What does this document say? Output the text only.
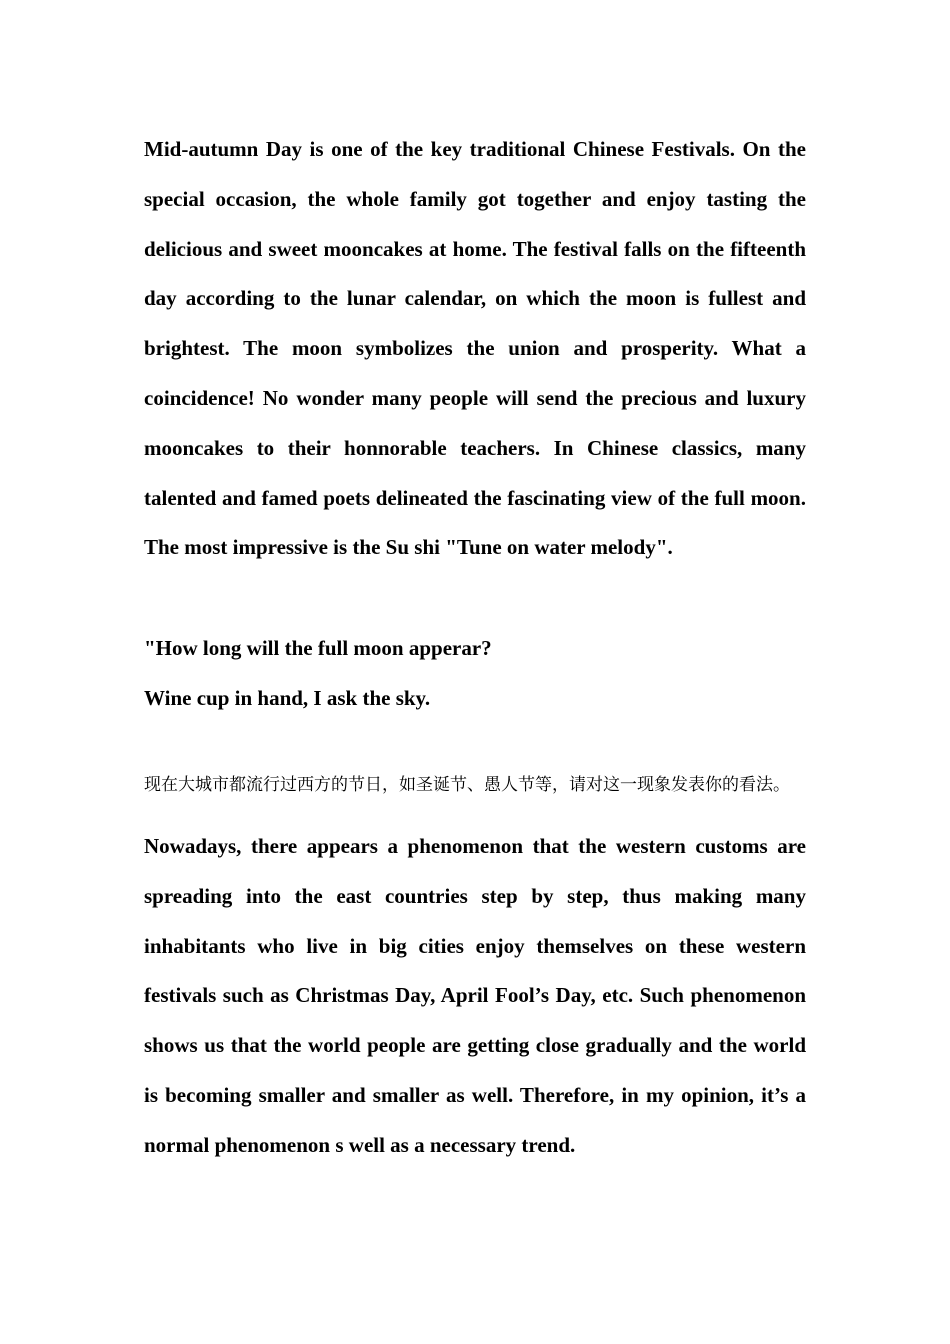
Mid-autumn Day is one of the key traditional Chinese Festivals. On the special occasion, the whole family got together and enjoy tasting the delicious and sweet mooncakes at home. The festival falls on the fifteenth day according to the lunar calendar, on which the moon is fullest and brightest. The moon symbolizes the union and prosperity. What a coincidence! No wonder many people will send the precious and luxury mooncakes to their honnorable teachers. In Chinese classics, many talented and famed poets delineated the fascinating view of the full moon. The most impressive is the Su shi "Tune on water melody".

"How long will the full moon apperar?

Wine cup in hand, I ask the sky.

现在大城市都流行过西方的节日，如圣诞节、愚人节等，请对这一现象发表你的看法。

Nowadays, there appears a phenomenon that the western customs are spreading into the east countries step by step, thus making many inhabitants who live in big cities enjoy themselves on these western festivals such as Christmas Day, April Fool’s Day, etc. Such phenomenon shows us that the world people are getting close gradually and the world is becoming smaller and smaller as well. Therefore, in my opinion, it’s a normal phenomenon s well as a necessary trend.
